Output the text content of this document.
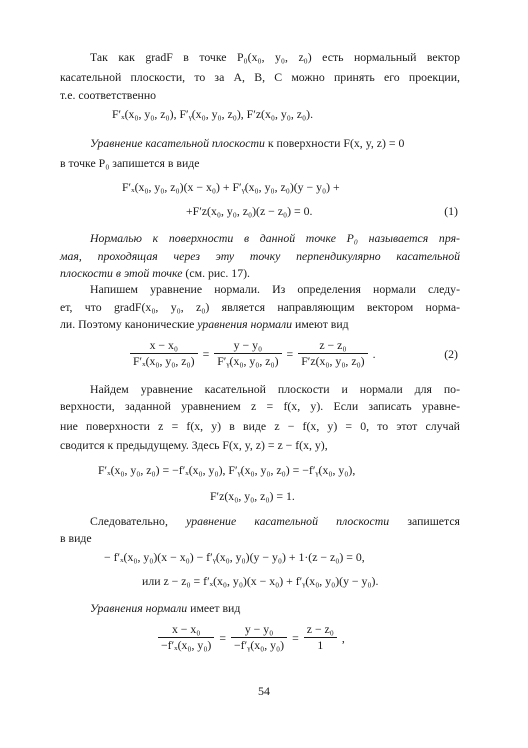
Так как gradF в точке P₀(x₀, y₀, z₀) есть нормальный вектор
касательной плоскости, то за A, B, C можно принять его проекции,
т.е. соответственно
F′ₓ(x₀, y₀, z₀), F′ᵧ(x₀, y₀, z₀), F′z(x₀, y₀, z₀).
Уравнение касательной плоскости к поверхности F(x, y, z) = 0
в точке P₀ запишется в виде
F′ₓ(x₀, y₀, z₀)(x − x₀) + F′ᵧ(x₀, y₀, z₀)(y − y₀) +
+F′z(x₀, y₀, z₀)(z − z₀) = 0.	(1)
Нормалью к поверхности в данной точке P₀ называется пря-
мая, проходящая через эту точку перпендикулярно касательной
плоскости в этой точке (см. рис. 17).
Напишем уравнение нормали. Из определения нормали следу-
ет, что gradF(x₀, y₀, z₀) является направляющим вектором норма-
ли. Поэтому канонические уравнения нормали имеют вид
$\frac{\text{x − x₀}}{\text{F′ₓ(x₀, y₀, z₀)}} = \frac{\text{y − y₀}}{\text{F′ᵧ(x₀, y₀, z₀)}} = \frac{\text{z − z₀}}{\text{F′z(x₀, y₀, z₀)}}$ .	(2)
Найдем уравнение касательной плоскости и нормали для по-
верхности, заданной уравнением z = f(x, y). Если записать уравне-
ние поверхности z = f(x, y) в виде z − f(x, y) = 0, то этот случай
сводится к предыдущему. Здесь F(x, y, z) = z − f(x, y),
F′ₓ(x₀, y₀, z₀) = −f′ₓ(x₀, y₀), F′ᵧ(x₀, y₀, z₀) = −f′ᵧ(x₀, y₀),
F′z(x₀, y₀, z₀) = 1.
Следовательно, уравнение касательной плоскости запишется
в виде
− f′ₓ(x₀, y₀)(x − x₀) − f′ᵧ(x₀, y₀)(y − y₀) + 1·(z − z₀) = 0,
или z − z₀ = f′ₓ(x₀, y₀)(x − x₀) + f′ᵧ(x₀, y₀)(y − y₀).
Уравнения нормали имеет вид
$\frac{\text{x − x₀}}{\text{−f′ₓ(x₀, y₀)}} = \frac{\text{y − y₀}}{\text{−f′ᵧ(x₀, y₀)}} = \frac{\text{z − z₀}}{1}$ ,
54
